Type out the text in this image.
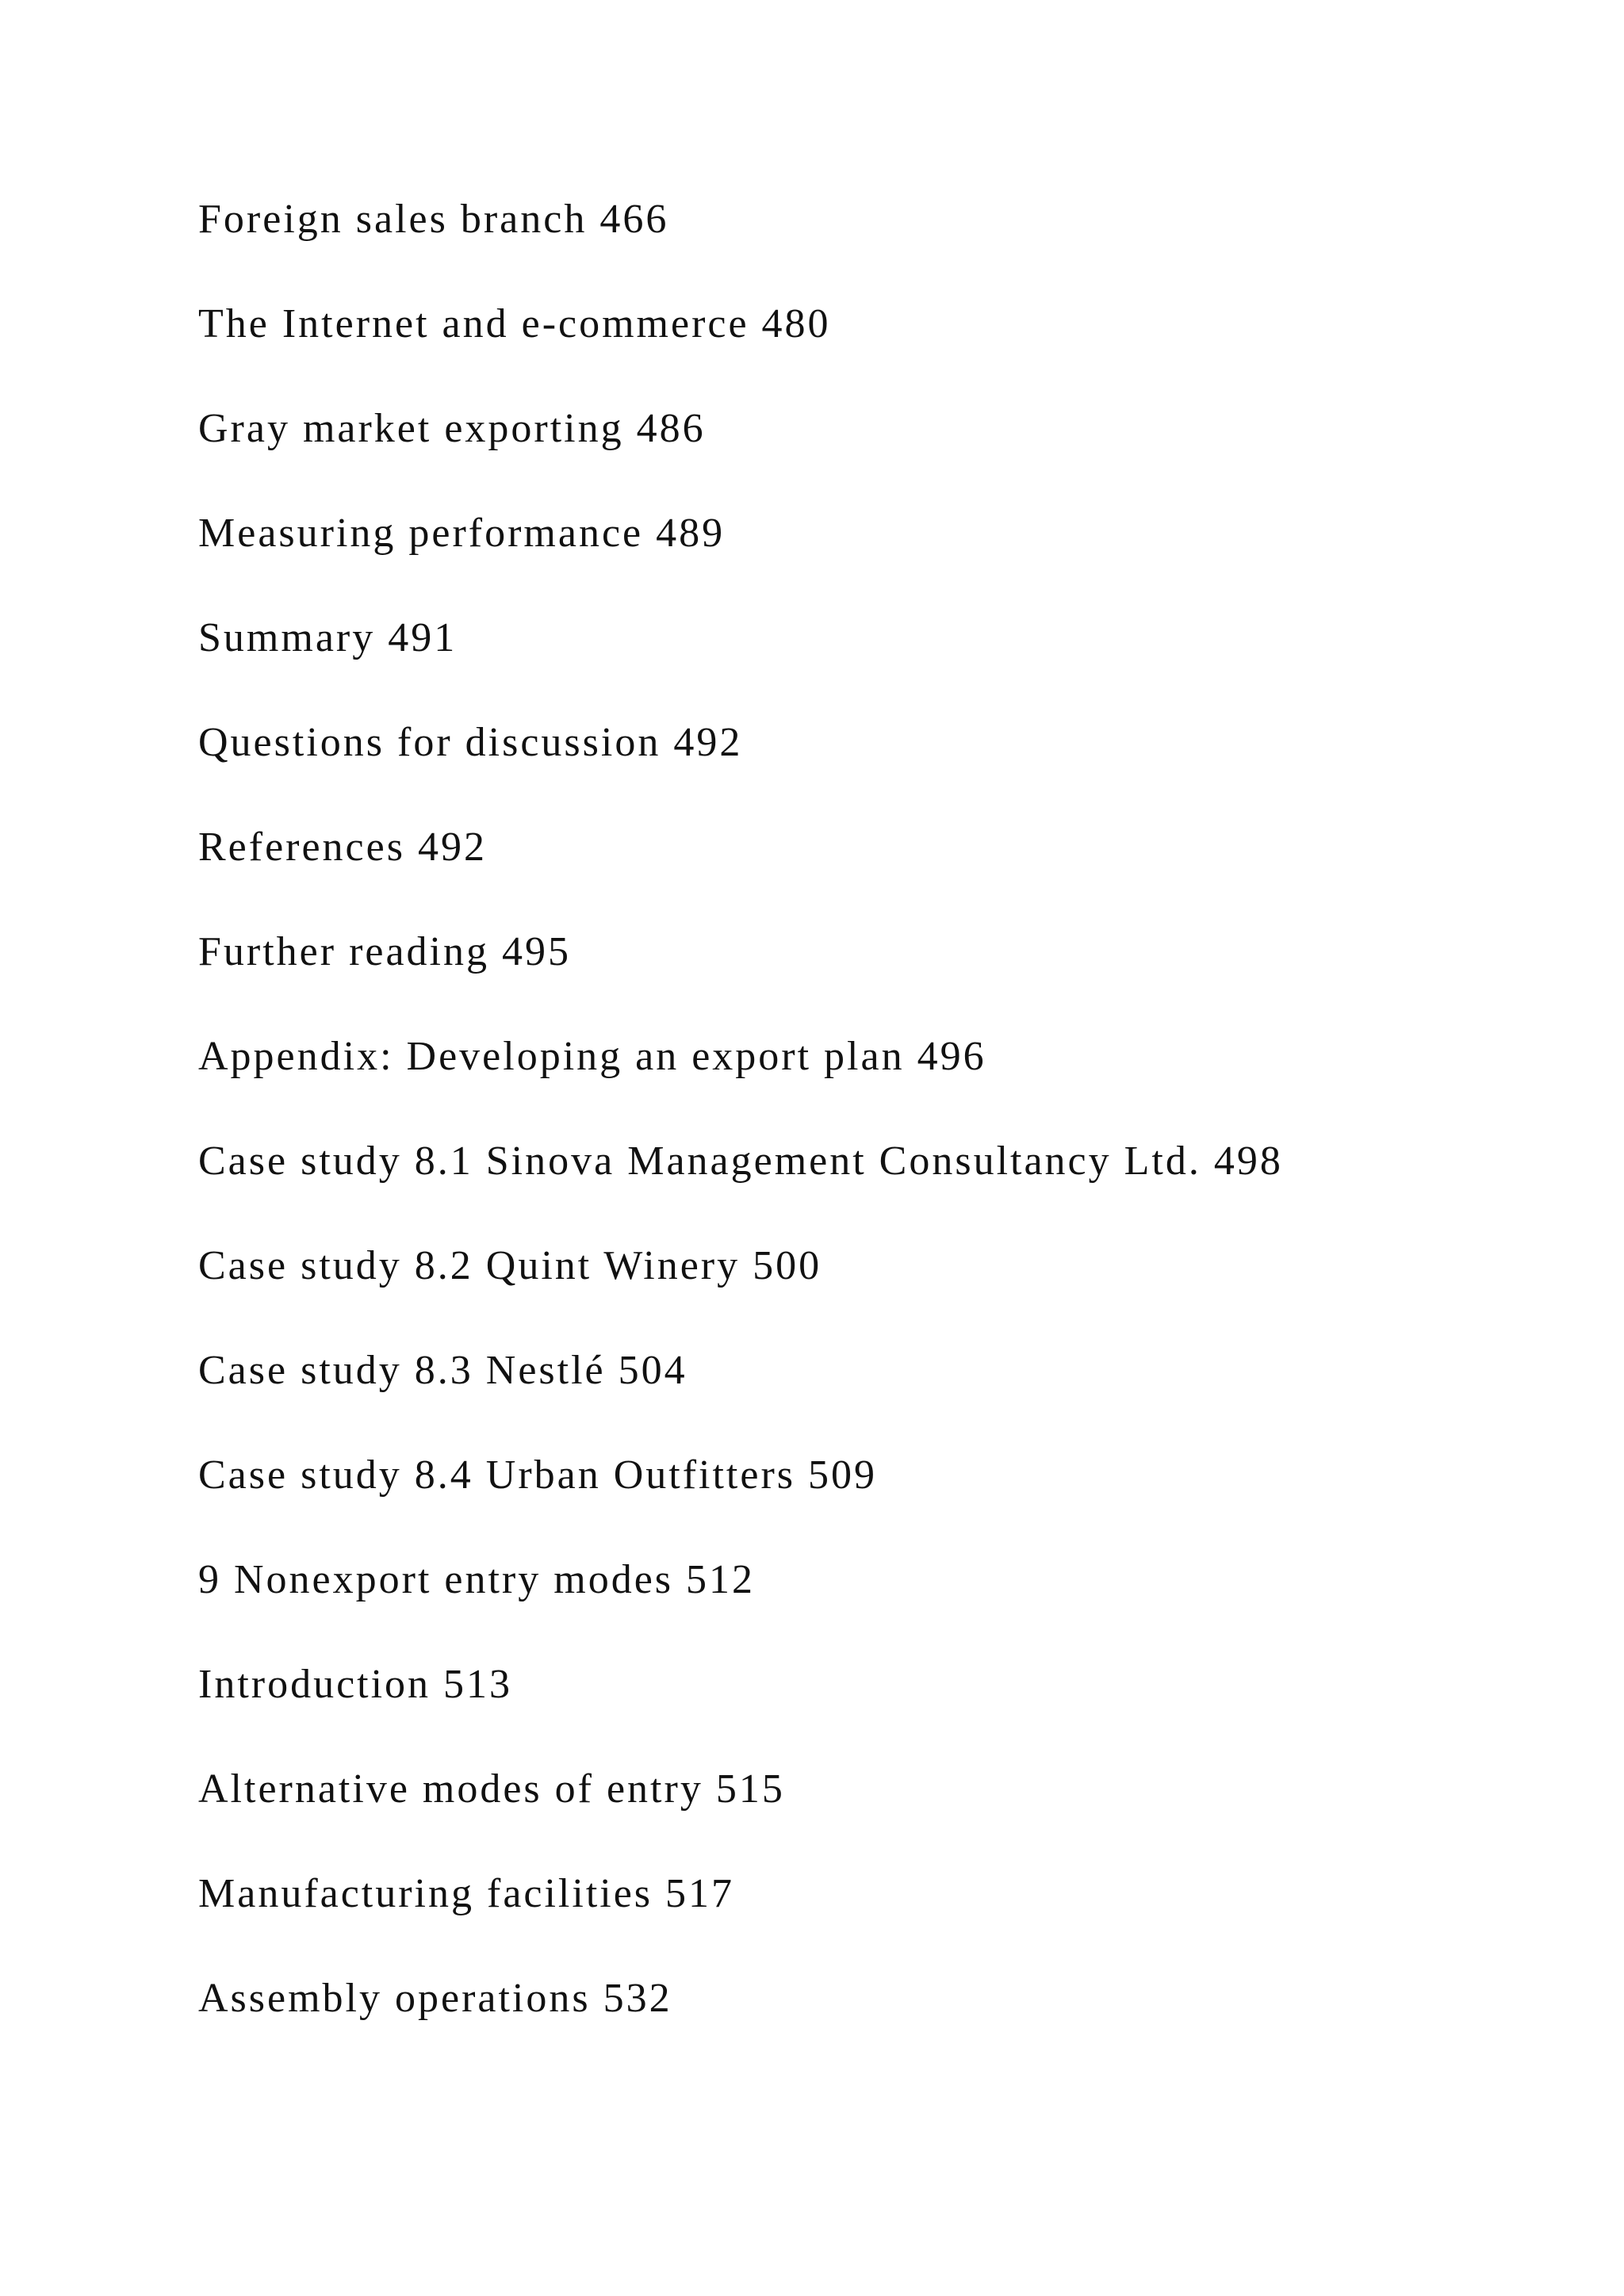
Foreign sales branch 466
The Internet and e-commerce 480
Gray market exporting 486
Measuring performance 489
Summary 491
Questions for discussion 492
References 492
Further reading 495
Appendix: Developing an export plan 496
Case study 8.1 Sinova Management Consultancy Ltd. 498
Case study 8.2 Quint Winery 500
Case study 8.3 Nestlé 504
Case study 8.4 Urban Outfitters 509
9 Nonexport entry modes 512
Introduction 513
Alternative modes of entry 515
Manufacturing facilities 517
Assembly operations 532
